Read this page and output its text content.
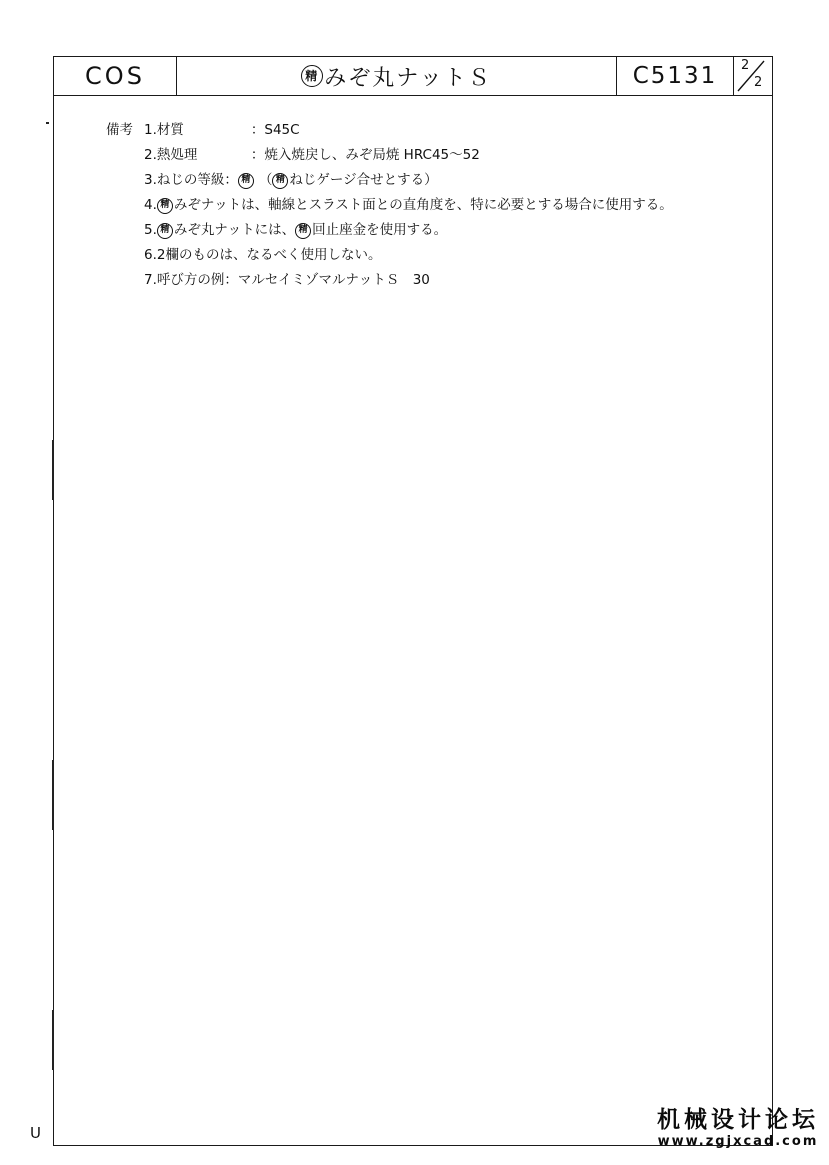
COS	精 みぞ丸ナットＳ	C5131	2
2
備考 1. 材質	： S45C
2. 熱処理	： 焼入焼戻し、みぞ局焼 HRC45～52
3. ねじの等級 ： 精 （ 精 ねじゲージ合せとする）
4. 精 みぞナットは、軸線とスラスト面との直角度を、特に必要とする場合に使用する。
5. 精 みぞ丸ナットには、 精 回止座金を使用する。
6. 2欄のものは、なるべく使用しない。
7. 呼び方の例 ： マルセイミゾマルナットＳ　30
U	机械设计论坛
www.zgjxcad.com
